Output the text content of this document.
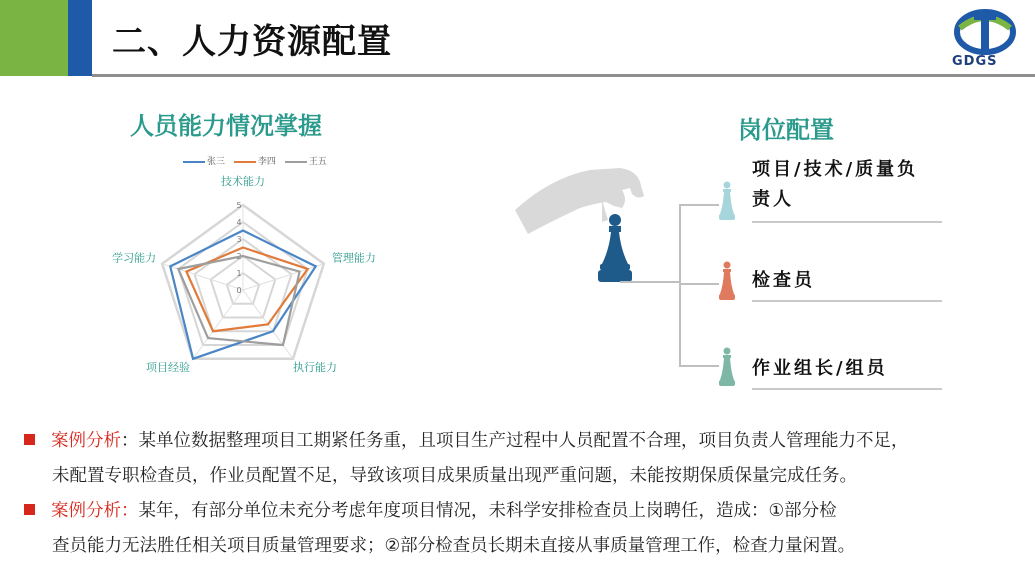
二、人力资源配置	GDGS
人员能力情况掌握
张三	李四	王五
0
1
2
3
4
5
技术能力
管理能力
执行能力
项目经验
学习能力
岗位配置
项目/技术/质量负
责人
检查员
作业组长/组员
案例分析：某单位数据整理项目工期紧任务重，且项目生产过程中人员配置不合理，项目负责人管理能力不足，
未配置专职检查员，作业员配置不足，导致该项目成果质量出现严重问题，未能按期保质保量完成任务。
案例分析：某年，有部分单位未充分考虑年度项目情况，未科学安排检查员上岗聘任，造成：①部分检
查员能力无法胜任相关项目质量管理要求；②部分检查员长期未直接从事质量管理工作，检查力量闲置。
